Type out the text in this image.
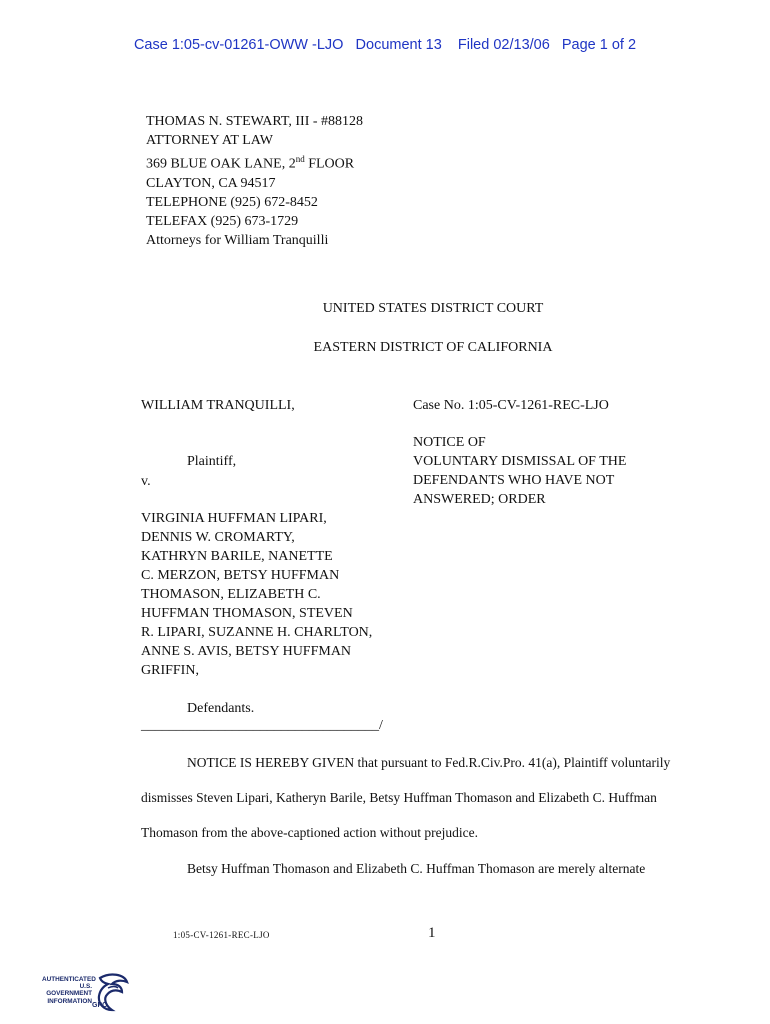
Case 1:05-cv-01261-OWW -LJO   Document 13    Filed 02/13/06   Page 1 of 2
THOMAS N. STEWART, III - #88128
ATTORNEY AT LAW
369 BLUE OAK LANE, 2nd FLOOR
CLAYTON, CA 94517
TELEPHONE (925) 672-8452
TELEFAX (925) 673-1729
Attorneys for William Tranquilli
UNITED STATES DISTRICT COURT
EASTERN DISTRICT OF CALIFORNIA
WILLIAM TRANQUILLI,
Plaintiff,
v.
VIRGINIA HUFFMAN LIPARI,
DENNIS W. CROMARTY,
KATHRYN BARILE, NANETTE
C. MERZON, BETSY HUFFMAN
THOMASON, ELIZABETH C.
HUFFMAN THOMASON, STEVEN
R. LIPARI, SUZANNE H. CHARLTON,
ANNE S. AVIS, BETSY HUFFMAN
GRIFFIN,
Defendants.
__________________________________/
Case No. 1:05-CV-1261-REC-LJO
NOTICE OF
VOLUNTARY DISMISSAL OF THE
DEFENDANTS WHO HAVE NOT
ANSWERED; ORDER
NOTICE IS HEREBY GIVEN that pursuant to Fed.R.Civ.Pro. 41(a), Plaintiff voluntarily
dismisses Steven Lipari, Katheryn Barile, Betsy Huffman Thomason and Elizabeth C. Huffman
Thomason from the above-captioned action without prejudice.
Betsy Huffman Thomason and Elizabeth C. Huffman Thomason are merely alternate
1:05-CV-1261-REC-LJO	1
AUTHENTICATED
U.S. GOVERNMENT
INFORMATION
GPO
